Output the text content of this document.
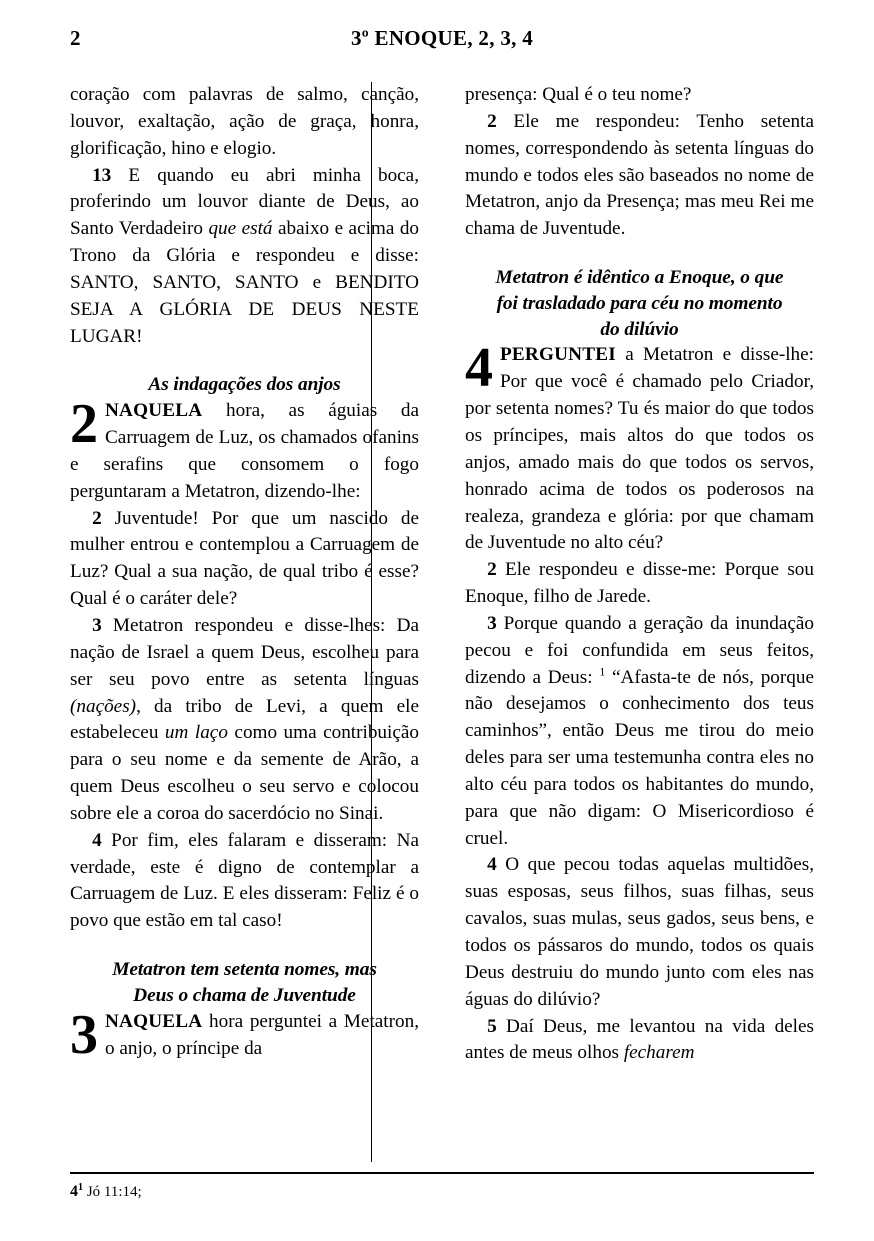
2	3º ENOQUE, 2, 3, 4

coração com palavras de salmo, canção, louvor, exaltação, ação de graça, honra, glorificação, hino e elogio.

13 E quando eu abri minha boca, proferindo um louvor diante de Deus, ao Santo Verdadeiro que está abaixo e acima do Trono da Glória e respondeu e disse: SANTO, SANTO, SANTO e BENDITO SEJA A GLÓRIA DE DEUS NESTE LUGAR!

As indagações dos anjos
2 NAQUELA hora, as águias da Carruagem de Luz, os chamados ofanins e serafins que consomem o fogo perguntaram a Metatron, dizendo-lhe:

2 Juventude! Por que um nascido de mulher entrou e contemplou a Carruagem de Luz? Qual a sua nação, de qual tribo é esse? Qual é o caráter dele?

3 Metatron respondeu e disse-lhes: Da nação de Israel a quem Deus, escolheu para ser seu povo entre as setenta línguas (nações), da tribo de Levi, a quem ele estabeleceu um laço como uma contribuição para o seu nome e da semente de Arão, a quem Deus escolheu o seu servo e colocou sobre ele a coroa do sacerdócio no Sinai.

4 Por fim, eles falaram e disseram: Na verdade, este é digno de contemplar a Carruagem de Luz. E eles disseram: Feliz é o povo que estão em tal caso!

Metatron tem setenta nomes, mas
Deus o chama de Juventude
3 NAQUELA hora perguntei a Metatron, o anjo, o príncipe da

presença: Qual é o teu nome?

2 Ele me respondeu: Tenho setenta nomes, correspondendo às setenta línguas do mundo e todos eles são baseados no nome de Metatron, anjo da Presença; mas meu Rei me chama de Juventude.

Metatron é idêntico a Enoque, o que
foi trasladado para céu no momento
do dilúvio
4 PERGUNTEI a Metatron e disse-lhe: Por que você é chamado pelo Criador, por setenta nomes? Tu és maior do que todos os príncipes, mais altos do que todos os anjos, amado mais do que todos os servos, honrado acima de todos os poderosos na realeza, grandeza e glória: por que chamam de Juventude no alto céu?

2 Ele respondeu e disse-me: Porque sou Enoque, filho de Jarede.

3 Porque quando a geração da inundação pecou e foi confundida em seus feitos, dizendo a Deus: $^1$ “Afasta-te de nós, porque não desejamos o conhecimento dos teus caminhos”, então Deus me tirou do meio deles para ser uma testemunha contra eles no alto céu para todos os habitantes do mundo, para que não digam: O Misericordioso é cruel.

4 O que pecou todas aquelas multidões, suas esposas, seus filhos, suas filhas, seus cavalos, suas mulas, seus gados, seus bens, e todos os pássaros do mundo, todos os quais Deus destruiu do mundo junto com eles nas águas do dilúvio?

5 Daí Deus, me levantou na vida deles antes de meus olhos fecharem

4$^1$ Jó 11:14;
